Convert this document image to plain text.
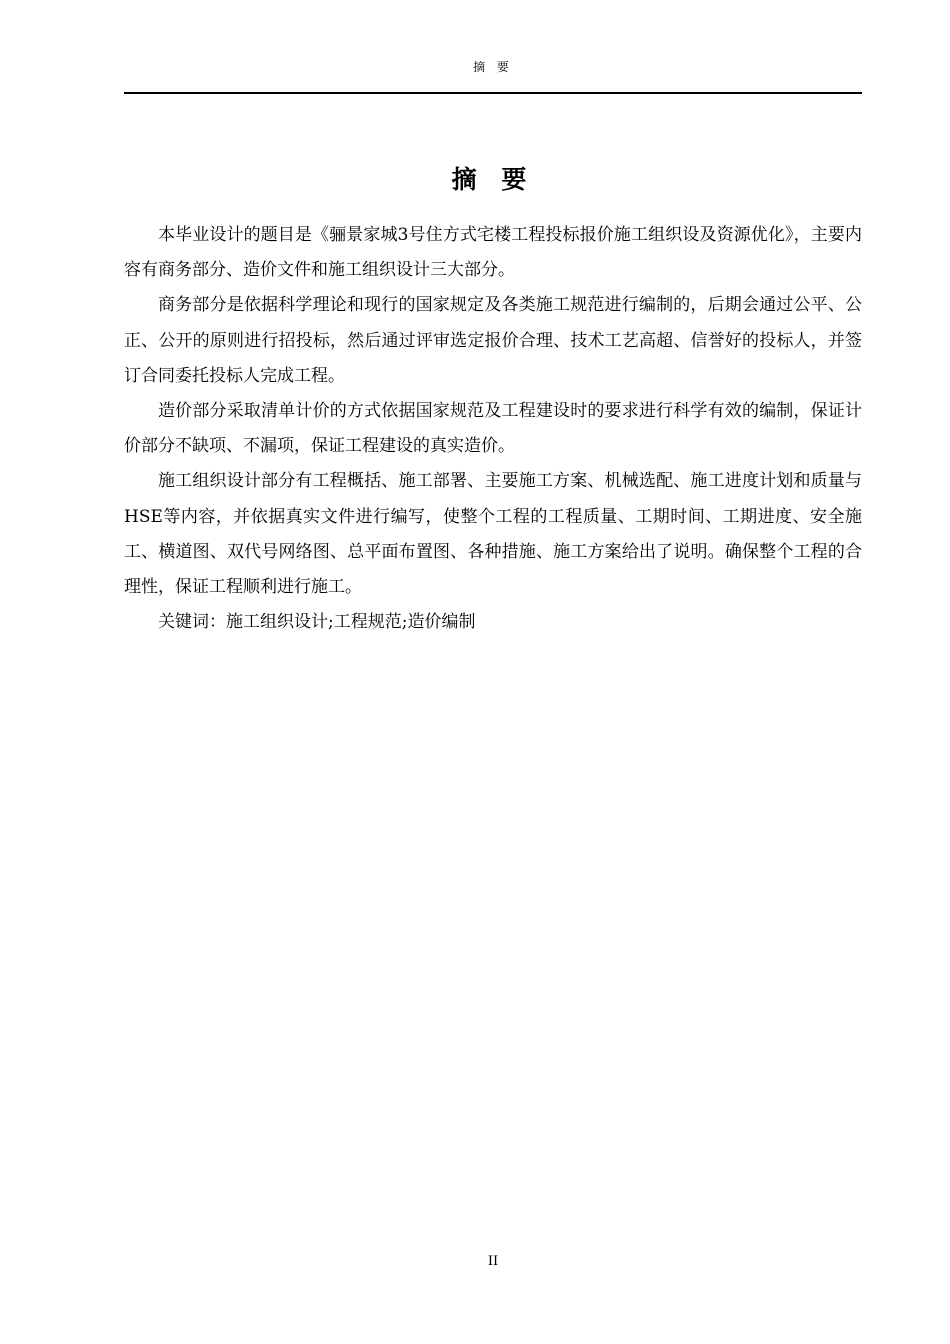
摘 要
摘 要

本毕业设计的题目是《骊景家城3号住方式宅楼工程投标报价施工组织设及资源优化》，主要内容有商务部分、造价文件和施工组织设计三大部分。

商务部分是依据科学理论和现行的国家规定及各类施工规范进行编制的，后期会通过公平、公正、公开的原则进行招投标，然后通过评审选定报价合理、技术工艺高超、信誉好的投标人，并签订合同委托投标人完成工程。

造价部分采取清单计价的方式依据国家规范及工程建设时的要求进行科学有效的编制，保证计价部分不缺项、不漏项，保证工程建设的真实造价。

施工组织设计部分有工程概括、施工部署、主要施工方案、机械选配、施工进度计划和质量与HSE等内容，并依据真实文件进行编写，使整个工程的工程质量、工期时间、工期进度、安全施工、横道图、双代号网络图、总平面布置图、各种措施、施工方案给出了说明。确保整个工程的合理性，保证工程顺利进行施工。

关键词：施工组织设计;工程规范;造价编制

II
